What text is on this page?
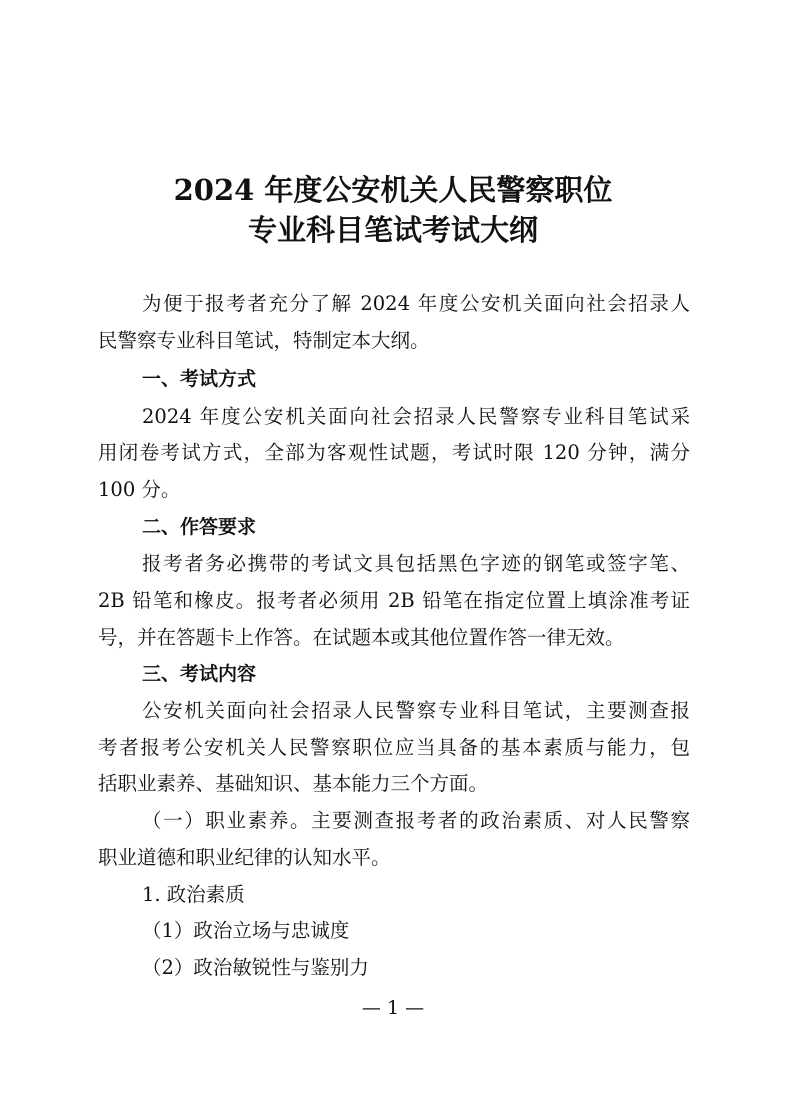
2024 年度公安机关人民警察职位
专业科目笔试考试大纲
为便于报考者充分了解 2024 年度公安机关面向社会招录人
民警察专业科目笔试，特制定本大纲。
一、考试方式
2024 年度公安机关面向社会招录人民警察专业科目笔试采
用闭卷考试方式，全部为客观性试题，考试时限 120 分钟，满分
100 分。
二、作答要求
报考者务必携带的考试文具包括黑色字迹的钢笔或签字笔、
2B 铅笔和橡皮。报考者必须用 2B 铅笔在指定位置上填涂准考证
号，并在答题卡上作答。在试题本或其他位置作答一律无效。
三、考试内容
公安机关面向社会招录人民警察专业科目笔试，主要测查报
考者报考公安机关人民警察职位应当具备的基本素质与能力，包
括职业素养、基础知识、基本能力三个方面。
（一）职业素养。主要测查报考者的政治素质、对人民警察
职业道德和职业纪律的认知水平。
1. 政治素质
（1）政治立场与忠诚度
（2）政治敏锐性与鉴别力
— 1 —
